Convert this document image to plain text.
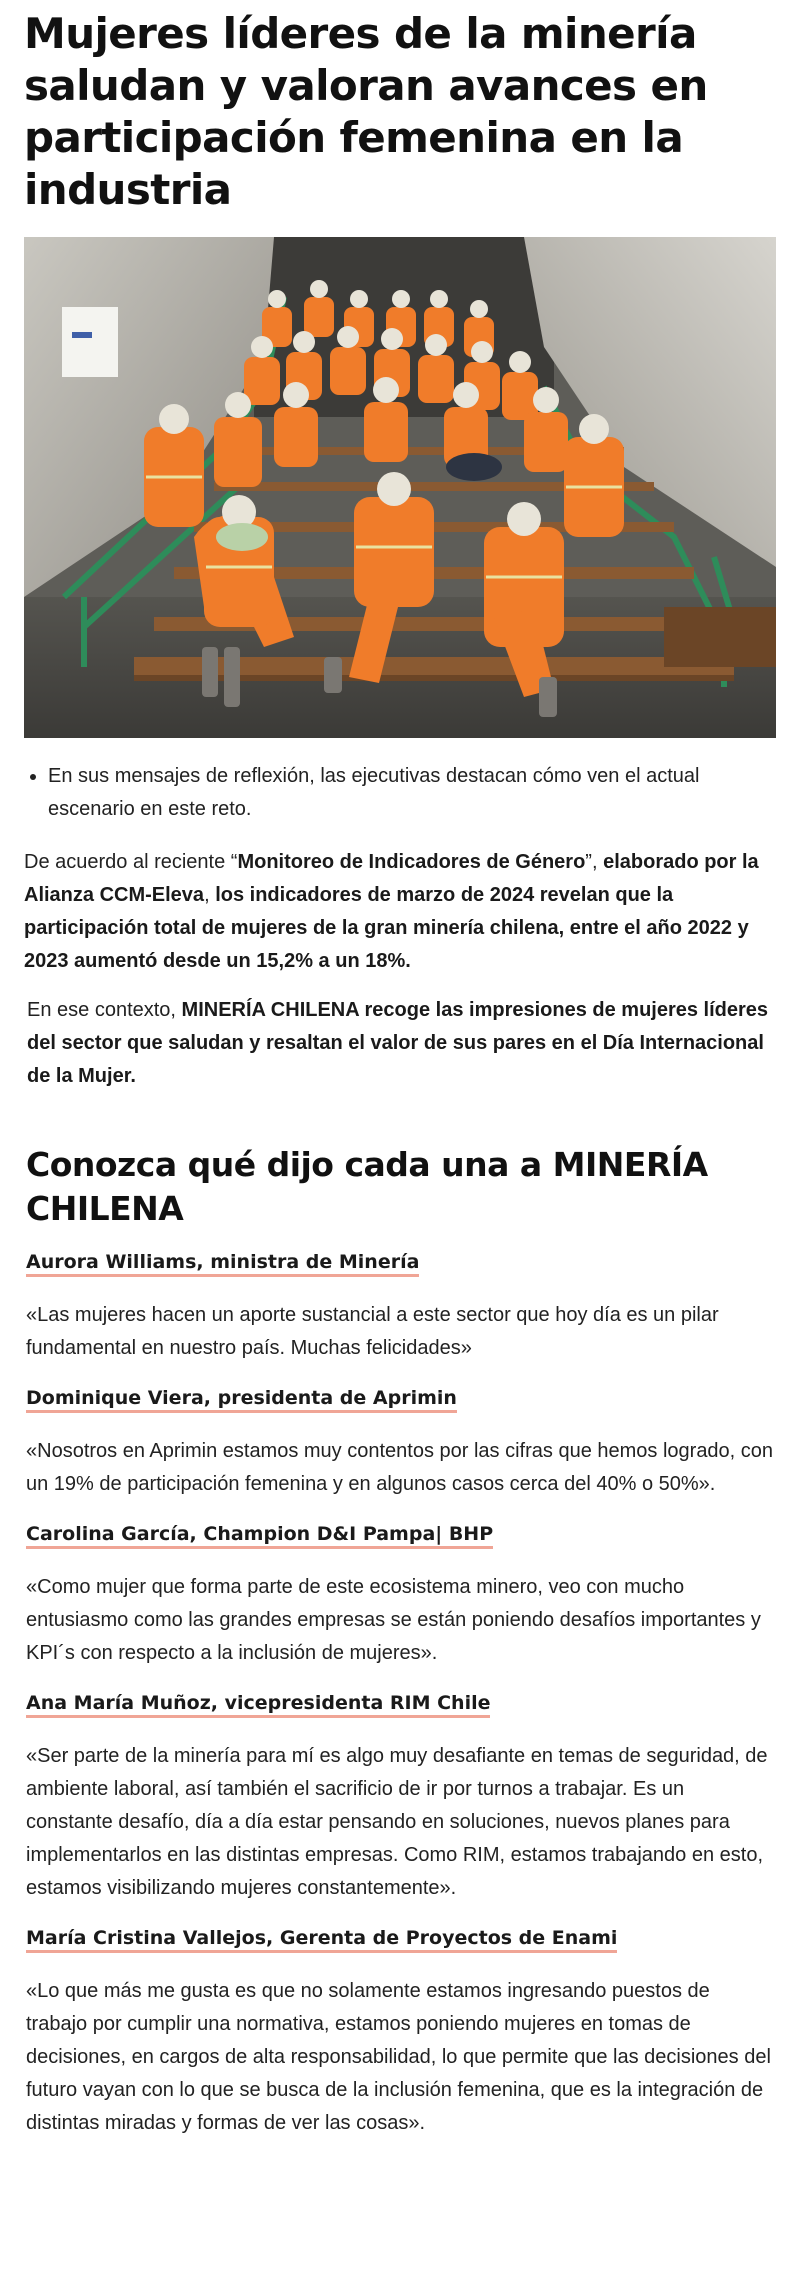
Mujeres líderes de la minería saludan y valoran avances en participación femenina en la industria
• En sus mensajes de reflexión, las ejecutivas destacan cómo ven el actual escenario en este reto.

De acuerdo al reciente “Monitoreo de Indicadores de Género”, elaborado por la Alianza CCM-Eleva, los indicadores de marzo de 2024 revelan que la participación total de mujeres de la gran minería chilena, entre el año 2022 y 2023 aumentó desde un 15,2% a un 18%.

En ese contexto, MINERÍA CHILENA recoge las impresiones de mujeres líderes del sector que saludan y resaltan el valor de sus pares en el Día Internacional de la Mujer.

Conozca qué dijo cada una a MINERÍA CHILENA

Aurora Williams, ministra de Minería

«Las mujeres hacen un aporte sustancial a este sector que hoy día es un pilar fundamental en nuestro país. Muchas felicidades»

Dominique Viera, presidenta de Aprimin

«Nosotros en Aprimin estamos muy contentos por las cifras que hemos logrado, con un 19% de participación femenina y en algunos casos cerca del 40% o 50%».

Carolina García, Champion D&I Pampa| BHP

«Como mujer que forma parte de este ecosistema minero, veo con mucho entusiasmo como las grandes empresas se están poniendo desafíos importantes y KPI´s con respecto a la inclusión de mujeres».

Ana María Muñoz, vicepresidenta RIM Chile

«Ser parte de la minería para mí es algo muy desafiante en temas de seguridad, de ambiente laboral, así también el sacrificio de ir por turnos a trabajar. Es un constante desafío, día a día estar pensando en soluciones, nuevos planes para implementarlos en las distintas empresas. Como RIM, estamos trabajando en esto, estamos visibilizando mujeres constantemente».

María Cristina Vallejos, Gerenta de Proyectos de Enami

«Lo que más me gusta es que no solamente estamos ingresando puestos de trabajo por cumplir una normativa, estamos poniendo mujeres en tomas de decisiones, en cargos de alta responsabilidad, lo que permite que las decisiones del futuro vayan con lo que se busca de la inclusión femenina, que es la integración de distintas miradas y formas de ver las cosas».
